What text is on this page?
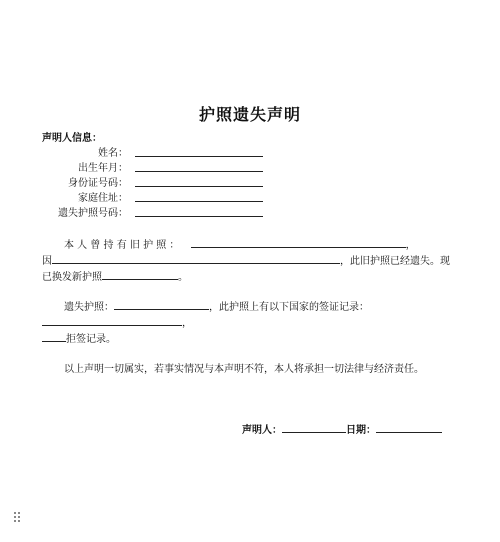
护照遗失声明
声明人信息：
姓名：
出生年月：
身份证号码：
家庭住址：
遗失护照号码：
本 人 曾 持 有 旧 护 照 ：	，
因	，此旧护照已经遗失。现
已换发新护照	。
遗失护照：	，此护照上有以下国家的签证记录：
，
拒签记录。
以上声明一切属实，若事实情况与本声明不符，本人将承担一切法律与经济责任。
声明人：	日期：
